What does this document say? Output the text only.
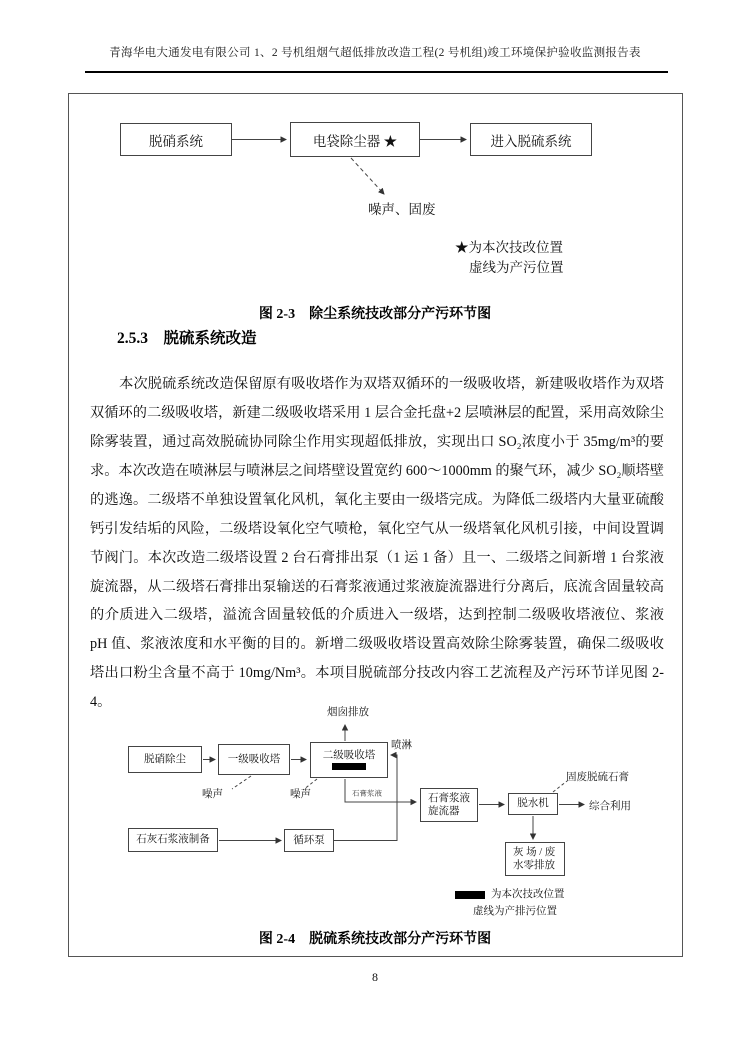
青海华电大通发电有限公司 1、2 号机组烟气超低排放改造工程(2 号机组)竣工环境保护验收监测报告表
脱硝系统	电袋除尘器 ★	进入脱硫系统
噪声、固废
★为本次技改位置
虚线为产污位置
图 2-3　除尘系统技改部分产污环节图
2.5.3　脱硫系统改造

本次脱硫系统改造保留原有吸收塔作为双塔双循环的一级吸收塔，新建吸收塔作为双塔双循环的二级吸收塔，新建二级吸收塔采用 1 层合金托盘+2 层喷淋层的配置，采用高效除尘除雾装置，通过高效脱硫协同除尘作用实现超低排放，实现出口 SO₂浓度小于 35mg/m³的要求。本次改造在喷淋层与喷淋层之间塔壁设置宽约 600～1000mm 的聚气环，减少 SO₂顺塔壁的逃逸。二级塔不单独设置氧化风机，氧化主要由一级塔完成。为降低二级塔内大量亚硫酸钙引发结垢的风险，二级塔设氧化空气喷枪，氧化空气从一级塔氧化风机引接，中间设置调节阀门。本次改造二级塔设置 2 台石膏排出泵（1 运 1 备）且一、二级塔之间新增 1 台浆液旋流器，从二级塔石膏排出泵输送的石膏浆液通过浆液旋流器进行分离后，底流含固量较高的介质进入二级塔，溢流含固量较低的介质进入一级塔，达到控制二级吸收塔液位、浆液 pH 值、浆液浓度和水平衡的目的。新增二级吸收塔设置高效除尘除雾装置，确保二级吸收塔出口粉尘含量不高于 10mg/Nm³。本项目脱硫部分技改内容工艺流程及产污环节详见图 2-4。

烟囱排放
脱硝除尘	一级吸收塔	二级吸收塔
喷淋
噪声	噪声	石膏浆液
石灰石浆液制备	循环泵
石膏浆液
旋流器
脱水机
固废脱硫石膏
综合利用
灰 场 / 废
水零排放
为本次技改位置
虚线为产排污位置
图 2-4　脱硫系统技改部分产污环节图
8
